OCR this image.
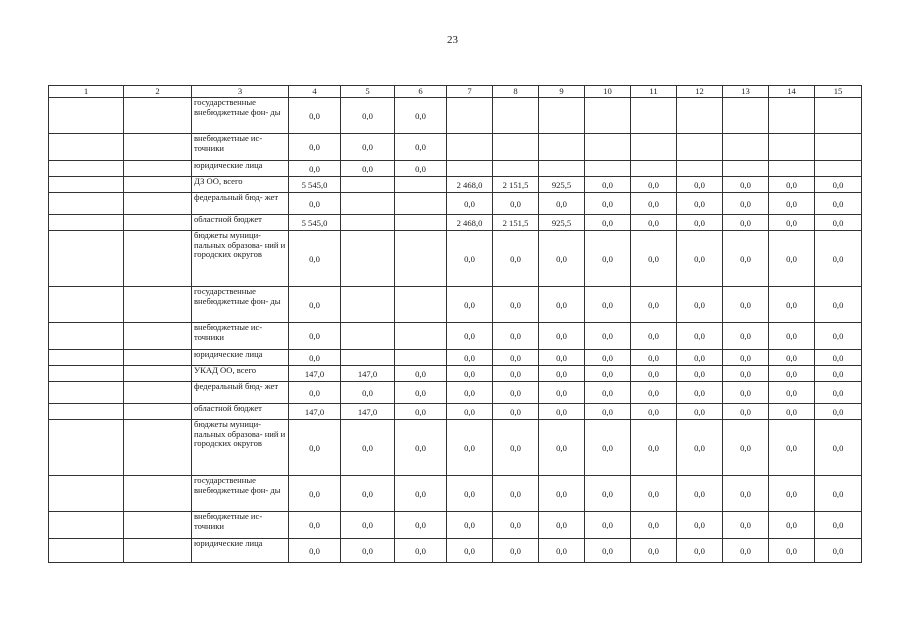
23
1	2	3	4	5	6	7	8	9	10	11	12	13	14	15
		государственные внебюджетные фон- ды	0,0	0,0	0,0									
		внебюджетные ис- точники	0,0	0,0	0,0									
		юридические лица	0,0	0,0	0,0									
		ДЗ ОО, всего	5 545,0			2 468,0	2 151,5	925,5	0,0	0,0	0,0	0,0	0,0	0,0
		федеральный бюд- жет	0,0			0,0	0,0	0,0	0,0	0,0	0,0	0,0	0,0	0,0
		областной бюджет	5 545,0			2 468,0	2 151,5	925,5	0,0	0,0	0,0	0,0	0,0	0,0
		бюджеты муници- пальных образова- ний и городских округов	0,0			0,0	0,0	0,0	0,0	0,0	0,0	0,0	0,0	0,0
		государственные внебюджетные фон- ды	0,0			0,0	0,0	0,0	0,0	0,0	0,0	0,0	0,0	0,0
		внебюджетные ис- точники	0,0			0,0	0,0	0,0	0,0	0,0	0,0	0,0	0,0	0,0
		юридические лица	0,0			0,0	0,0	0,0	0,0	0,0	0,0	0,0	0,0	0,0
		УКАД ОО, всего	147,0	147,0	0,0	0,0	0,0	0,0	0,0	0,0	0,0	0,0	0,0	0,0
		федеральный бюд- жет	0,0	0,0	0,0	0,0	0,0	0,0	0,0	0,0	0,0	0,0	0,0	0,0
		областной бюджет	147,0	147,0	0,0	0,0	0,0	0,0	0,0	0,0	0,0	0,0	0,0	0,0
		бюджеты муници- пальных образова- ний и городских округов	0,0	0,0	0,0	0,0	0,0	0,0	0,0	0,0	0,0	0,0	0,0	0,0
		государственные внебюджетные фон- ды	0,0	0,0	0,0	0,0	0,0	0,0	0,0	0,0	0,0	0,0	0,0	0,0
		внебюджетные ис- точники	0,0	0,0	0,0	0,0	0,0	0,0	0,0	0,0	0,0	0,0	0,0	0,0
		юридические лица	0,0	0,0	0,0	0,0	0,0	0,0	0,0	0,0	0,0	0,0	0,0	0,0
